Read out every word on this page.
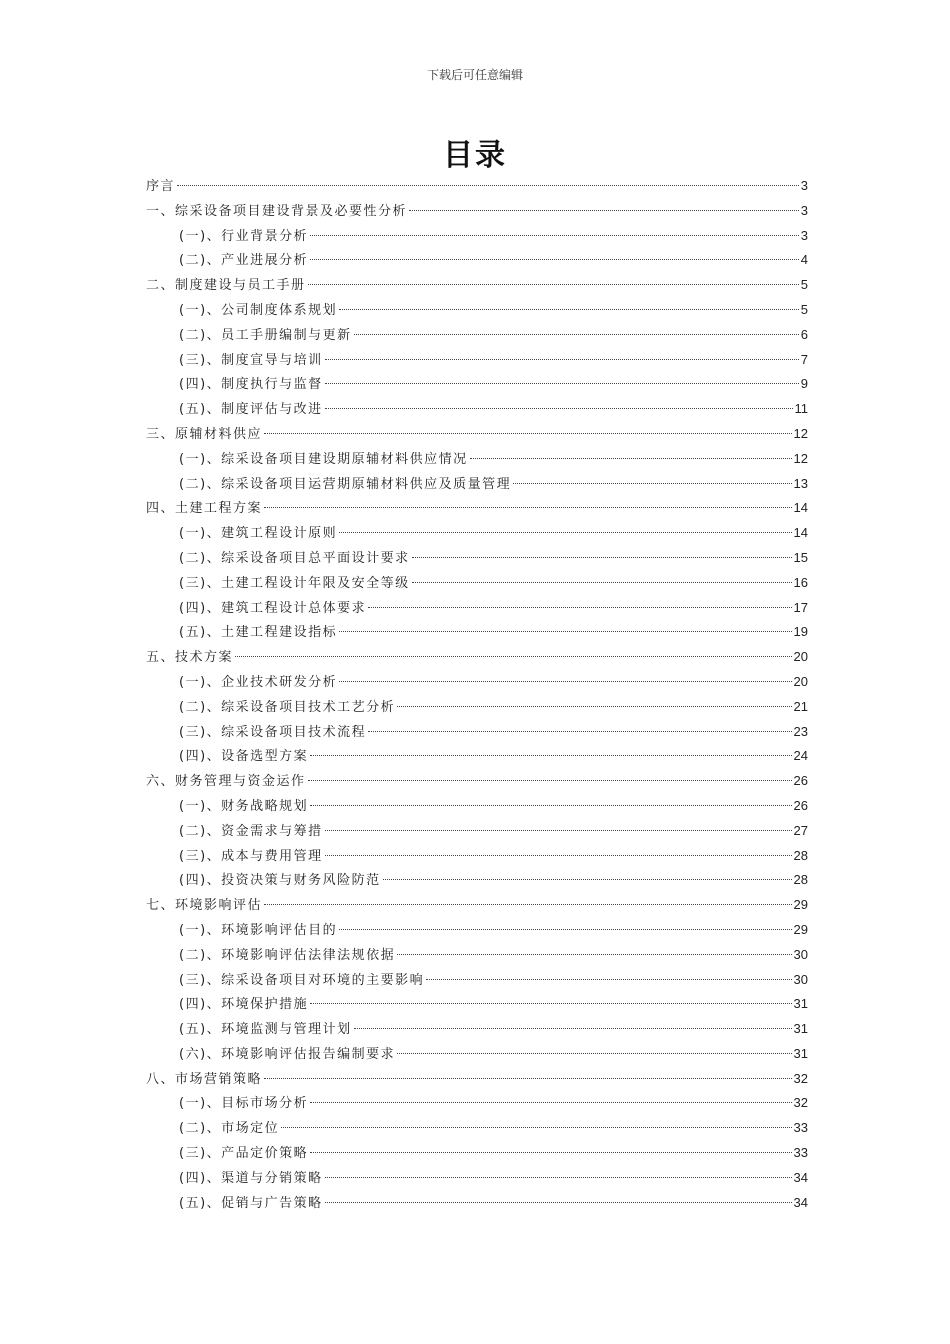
下载后可任意编辑
目录
序言	3
一、综采设备项目建设背景及必要性分析	3
(一)、行业背景分析	3
(二)、产业进展分析	4
二、制度建设与员工手册	5
(一)、公司制度体系规划	5
(二)、员工手册编制与更新	6
(三)、制度宣导与培训	7
(四)、制度执行与监督	9
(五)、制度评估与改进	11
三、原辅材料供应	12
(一)、综采设备项目建设期原辅材料供应情况	12
(二)、综采设备项目运营期原辅材料供应及质量管理	13
四、土建工程方案	14
(一)、建筑工程设计原则	14
(二)、综采设备项目总平面设计要求	15
(三)、土建工程设计年限及安全等级	16
(四)、建筑工程设计总体要求	17
(五)、土建工程建设指标	19
五、技术方案	20
(一)、企业技术研发分析	20
(二)、综采设备项目技术工艺分析	21
(三)、综采设备项目技术流程	23
(四)、设备选型方案	24
六、财务管理与资金运作	26
(一)、财务战略规划	26
(二)、资金需求与筹措	27
(三)、成本与费用管理	28
(四)、投资决策与财务风险防范	28
七、环境影响评估	29
(一)、环境影响评估目的	29
(二)、环境影响评估法律法规依据	30
(三)、综采设备项目对环境的主要影响	30
(四)、环境保护措施	31
(五)、环境监测与管理计划	31
(六)、环境影响评估报告编制要求	31
八、市场营销策略	32
(一)、目标市场分析	32
(二)、市场定位	33
(三)、产品定价策略	33
(四)、渠道与分销策略	34
(五)、促销与广告策略	34
